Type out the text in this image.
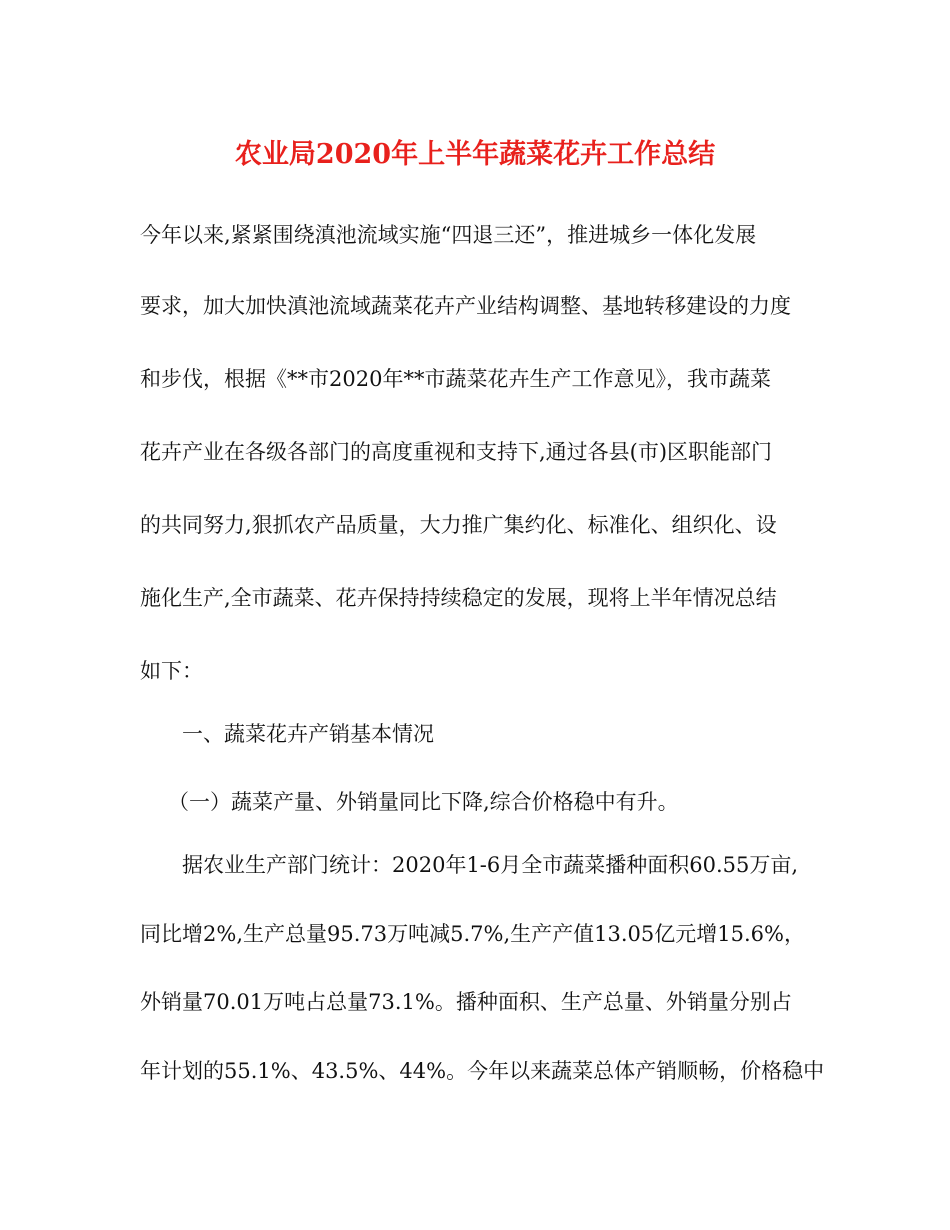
农业局2020年上半年蔬菜花卉工作总结
今年以来,紧紧围绕滇池流域实施“四退三还”，推进城乡一体化发展
要求，加大加快滇池流域蔬菜花卉产业结构调整、基地转移建设的力度
和步伐，根据《**市2020年**市蔬菜花卉生产工作意见》，我市蔬菜
花卉产业在各级各部门的高度重视和支持下,通过各县(市)区职能部门
的共同努力,狠抓农产品质量，大力推广集约化、标准化、组织化、设
施化生产,全市蔬菜、花卉保持持续稳定的发展，现将上半年情况总结
如下：
一、蔬菜花卉产销基本情况
（一）蔬菜产量、外销量同比下降,综合价格稳中有升。
据农业生产部门统计：2020年1-6月全市蔬菜播种面积60.55万亩,
同比增2%,生产总量95.73万吨减5.7%,生产产值13.05亿元增15.6%，
外销量70.01万吨占总量73.1%。播种面积、生产总量、外销量分别占
年计划的55.1%、43.5%、44%。今年以来蔬菜总体产销顺畅，价格稳中
